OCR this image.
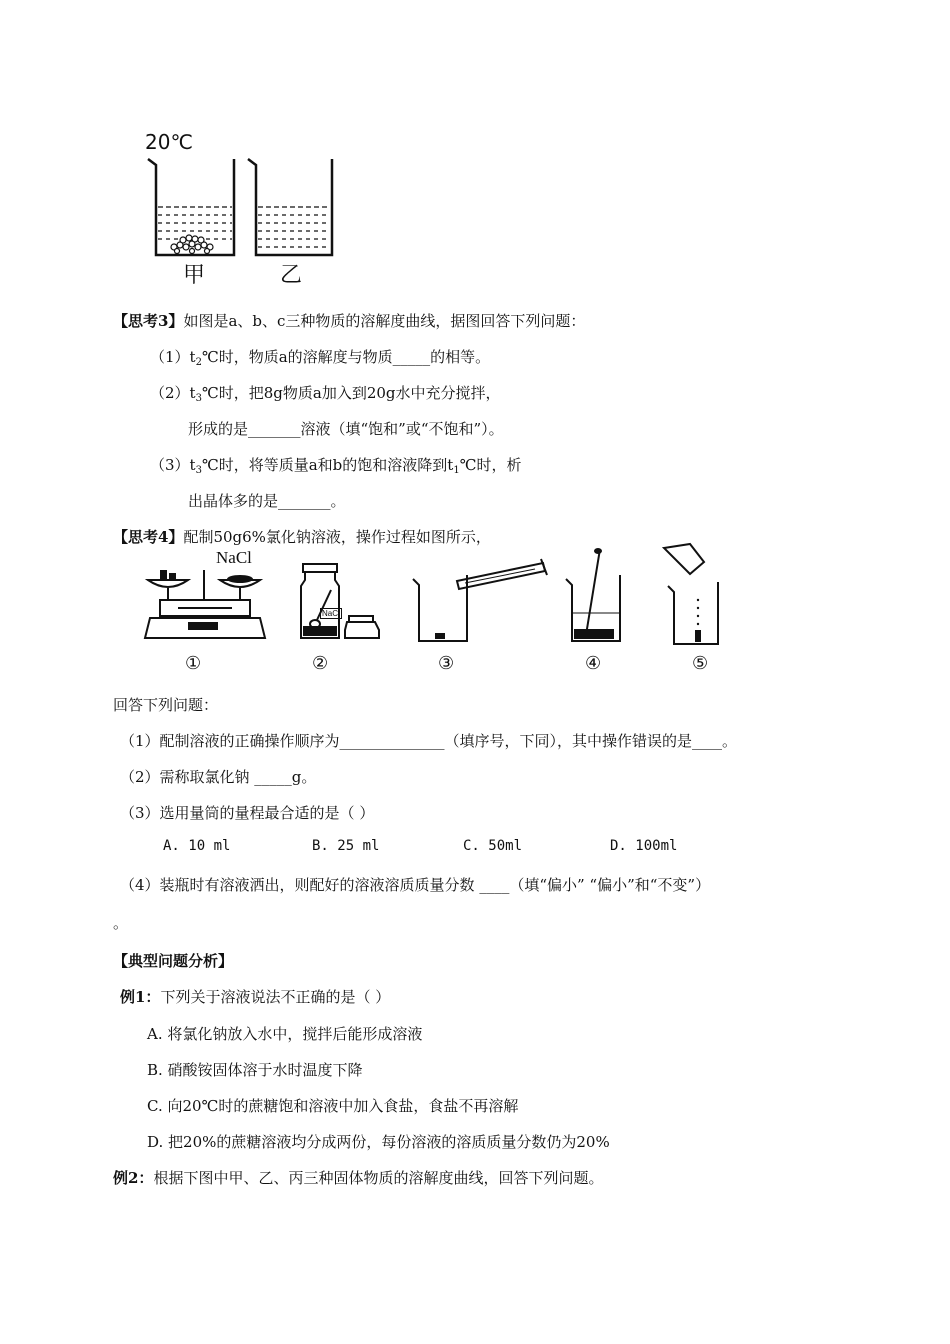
20℃
甲	乙
【思考3】如图是a、b、c三种物质的溶解度曲线，据图回答下列问题：
$(1)t_2℃$时，物质a的溶解度与物质_____的相等。
$(2)t_3℃$时，把8g物质a加入到20g水中充分搅拌，
形成的是_______溶液（填“饱和”或“不饱和”）。
$(3)t_3℃$时，将等质量a和b的饱和溶液降到$t_1℃$时，析
出晶体多的是_______。
【思考4】配制50g6%氯化钠溶液，操作过程如图所示，
NaCl
NaCl
①	②	③	④	⑤
回答下列问题：
（1）配制溶液的正确操作顺序为______________（填序号，下同），其中操作错误的是____。
（2）需称取氯化钠 _____g。
（3）选用量筒的量程最合适的是（ ）
A. 10 ml	B. 25 ml	C. 50ml	D. 100ml
（4）装瓶时有溶液洒出，则配好的溶液溶质质量分数 ____（填“偏小” “偏小”和“不变”）
。
【典型问题分析】
例1：下列关于溶液说法不正确的是（ ）
A. 将氯化钠放入水中，搅拌后能形成溶液
B. 硝酸铵固体溶于水时温度下降
C. 向20℃时的蔗糖饱和溶液中加入食盐，食盐不再溶解
D. 把20%的蔗糖溶液均分成两份，每份溶液的溶质质量分数仍为20%
例2：根据下图中甲、乙、丙三种固体物质的溶解度曲线，回答下列问题。
